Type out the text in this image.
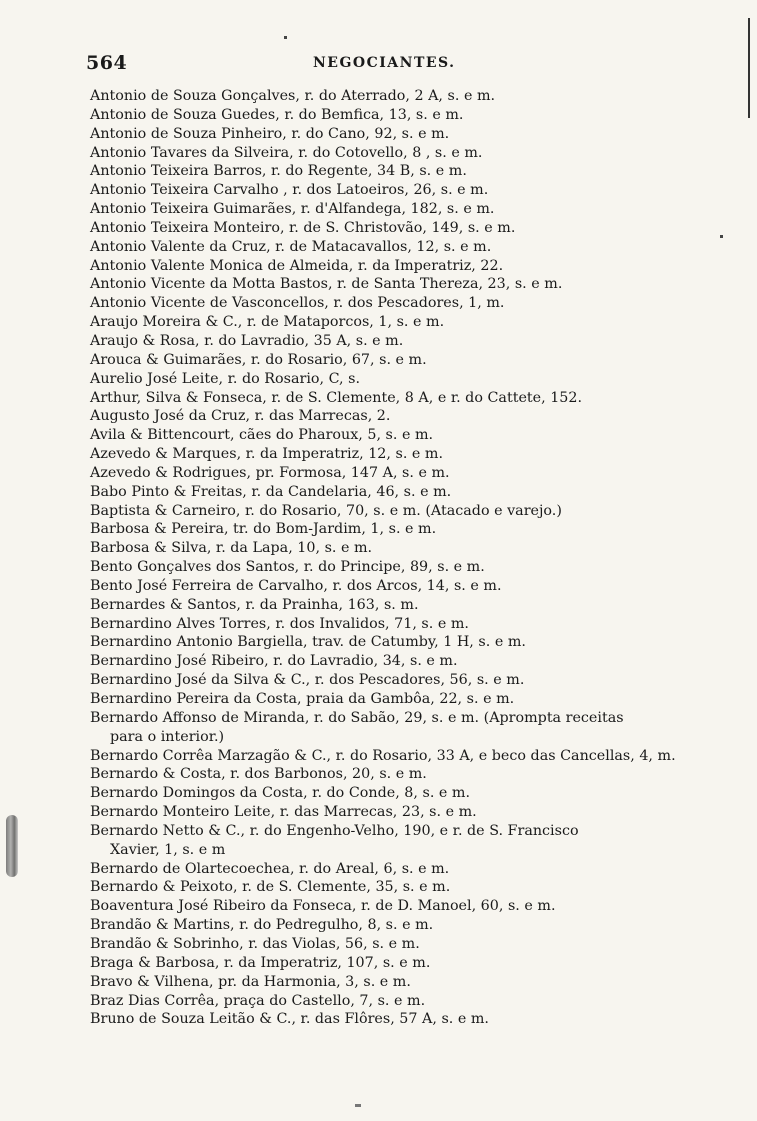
564	NEGOCIANTES.

Antonio de Souza Gonçalves, r. do Aterrado, 2 A, s. e m.

Antonio de Souza Guedes, r. do Bemfica, 13, s. e m.

Antonio de Souza Pinheiro, r. do Cano, 92, s. e m.

Antonio Tavares da Silveira, r. do Cotovello, 8 , s. e m.

Antonio Teixeira Barros, r. do Regente, 34 B, s. e m.

Antonio Teixeira Carvalho , r. dos Latoeiros, 26, s. e m.

Antonio Teixeira Guimarães, r. d'Alfandega, 182, s. e m.

Antonio Teixeira Monteiro, r. de S. Christovão, 149, s. e m.

Antonio Valente da Cruz, r. de Matacavallos, 12, s. e m.

Antonio Valente Monica de Almeida, r. da Imperatriz, 22.

Antonio Vicente da Motta Bastos, r. de Santa Thereza, 23, s. e m.

Antonio Vicente de Vasconcellos, r. dos Pescadores, 1, m.

Araujo Moreira & C., r. de Mataporcos, 1, s. e m.

Araujo & Rosa, r. do Lavradio, 35 A, s. e m.

Arouca & Guimarães, r. do Rosario, 67, s. e m.

Aurelio José Leite, r. do Rosario, C, s.

Arthur, Silva & Fonseca, r. de S. Clemente, 8 A, e r. do Cattete, 152.

Augusto José da Cruz, r. das Marrecas, 2.

Avila & Bittencourt, cães do Pharoux, 5, s. e m.

Azevedo & Marques, r. da Imperatriz, 12, s. e m.

Azevedo & Rodrigues, pr. Formosa, 147 A, s. e m.

Babo Pinto & Freitas, r. da Candelaria, 46, s. e m.

Baptista & Carneiro, r. do Rosario, 70, s. e m. (Atacado e varejo.)

Barbosa & Pereira, tr. do Bom-Jardim, 1, s. e m.

Barbosa & Silva, r. da Lapa, 10, s. e m.

Bento Gonçalves dos Santos, r. do Principe, 89, s. e m.

Bento José Ferreira de Carvalho, r. dos Arcos, 14, s. e m.

Bernardes & Santos, r. da Prainha, 163, s. m.

Bernardino Alves Torres, r. dos Invalidos, 71, s. e m.

Bernardino Antonio Bargiella, trav. de Catumby, 1 H, s. e m.

Bernardino José Ribeiro, r. do Lavradio, 34, s. e m.

Bernardino José da Silva & C., r. dos Pescadores, 56, s. e m.

Bernardino Pereira da Costa, praia da Gambôa, 22, s. e m.

Bernardo Affonso de Miranda, r. do Sabão, 29, s. e m. (Aprompta receitas

para o interior.)

Bernardo Corrêa Marzagão & C., r. do Rosario, 33 A, e beco das Cancellas, 4, m.

Bernardo & Costa, r. dos Barbonos, 20, s. e m.

Bernardo Domingos da Costa, r. do Conde, 8, s. e m.

Bernardo Monteiro Leite, r. das Marrecas, 23, s. e m.

Bernardo Netto & C., r. do Engenho-Velho, 190, e r. de S. Francisco

Xavier, 1, s. e m

Bernardo de Olartecoechea, r. do Areal, 6, s. e m.

Bernardo & Peixoto, r. de S. Clemente, 35, s. e m.

Boaventura José Ribeiro da Fonseca, r. de D. Manoel, 60, s. e m.

Brandão & Martins, r. do Pedregulho, 8, s. e m.

Brandão & Sobrinho, r. das Violas, 56, s. e m.

Braga & Barbosa, r. da Imperatriz, 107, s. e m.

Bravo & Vilhena, pr. da Harmonia, 3, s. e m.

Braz Dias Corrêa, praça do Castello, 7, s. e m.

Bruno de Souza Leitão & C., r. das Flôres, 57 A, s. e m.
